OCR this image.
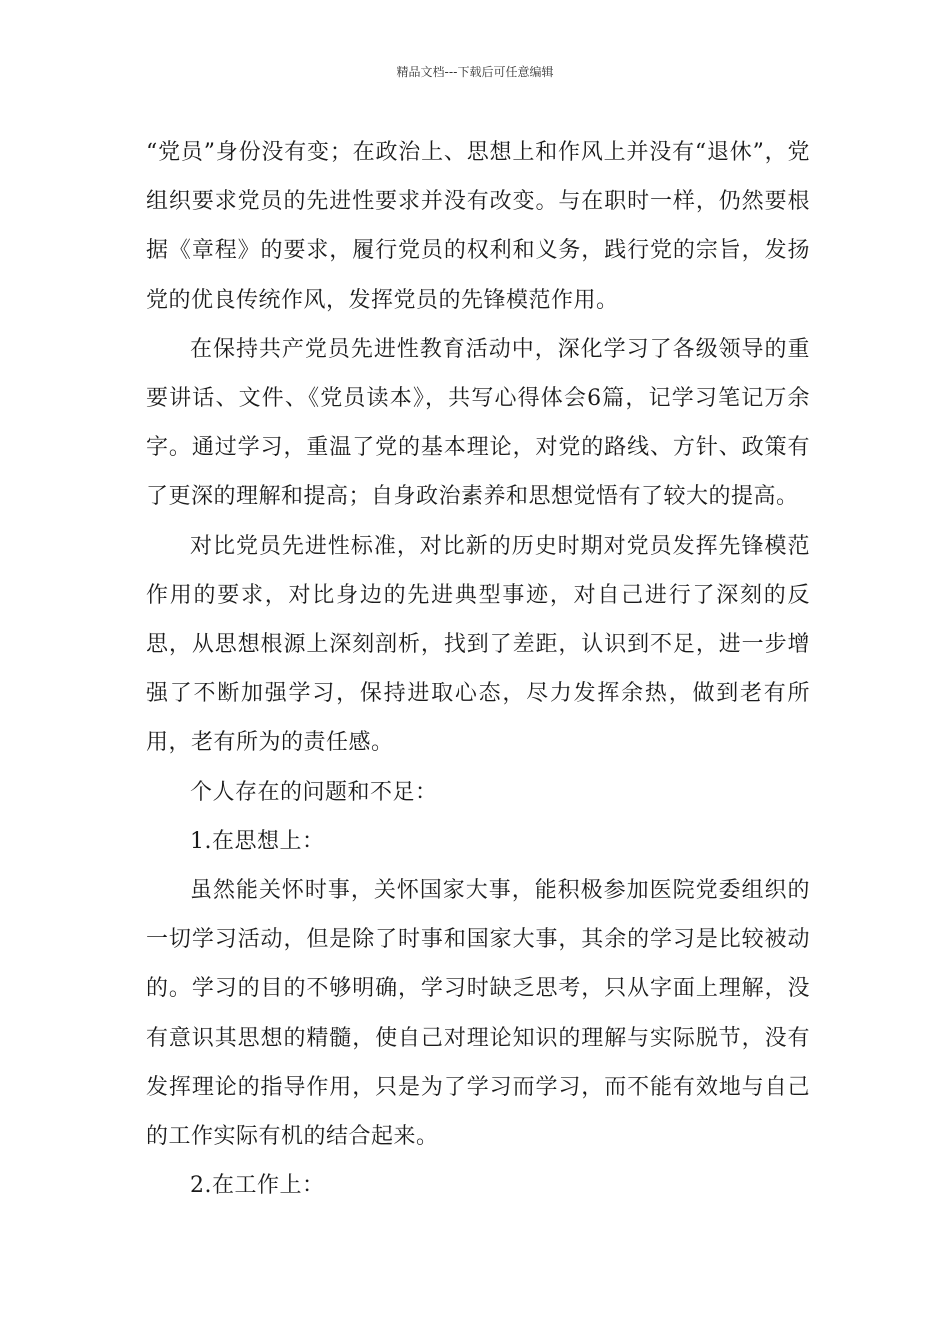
精品文档---下载后可任意编辑

“党员”身份没有变；在政治上、思想上和作风上并没有“退休”，党组织要求党员的先进性要求并没有改变。与在职时一样，仍然要根据《章程》的要求，履行党员的权利和义务，践行党的宗旨，发扬党的优良传统作风，发挥党员的先锋模范作用。

在保持共产党员先进性教育活动中，深化学习了各级领导的重要讲话、文件、《党员读本》，共写心得体会6篇，记学习笔记万余字。通过学习，重温了党的基本理论，对党的路线、方针、政策有了更深的理解和提高；自身政治素养和思想觉悟有了较大的提高。

对比党员先进性标准，对比新的历史时期对党员发挥先锋模范作用的要求，对比身边的先进典型事迹，对自己进行了深刻的反思，从思想根源上深刻剖析，找到了差距，认识到不足，进一步增强了不断加强学习，保持进取心态，尽力发挥余热，做到老有所用，老有所为的责任感。

个人存在的问题和不足：

1.在思想上：

虽然能关怀时事，关怀国家大事，能积极参加医院党委组织的一切学习活动，但是除了时事和国家大事，其余的学习是比较被动的。学习的目的不够明确，学习时缺乏思考，只从字面上理解，没有意识其思想的精髓，使自己对理论知识的理解与实际脱节，没有发挥理论的指导作用，只是为了学习而学习，而不能有效地与自己的工作实际有机的结合起来。

2.在工作上：
